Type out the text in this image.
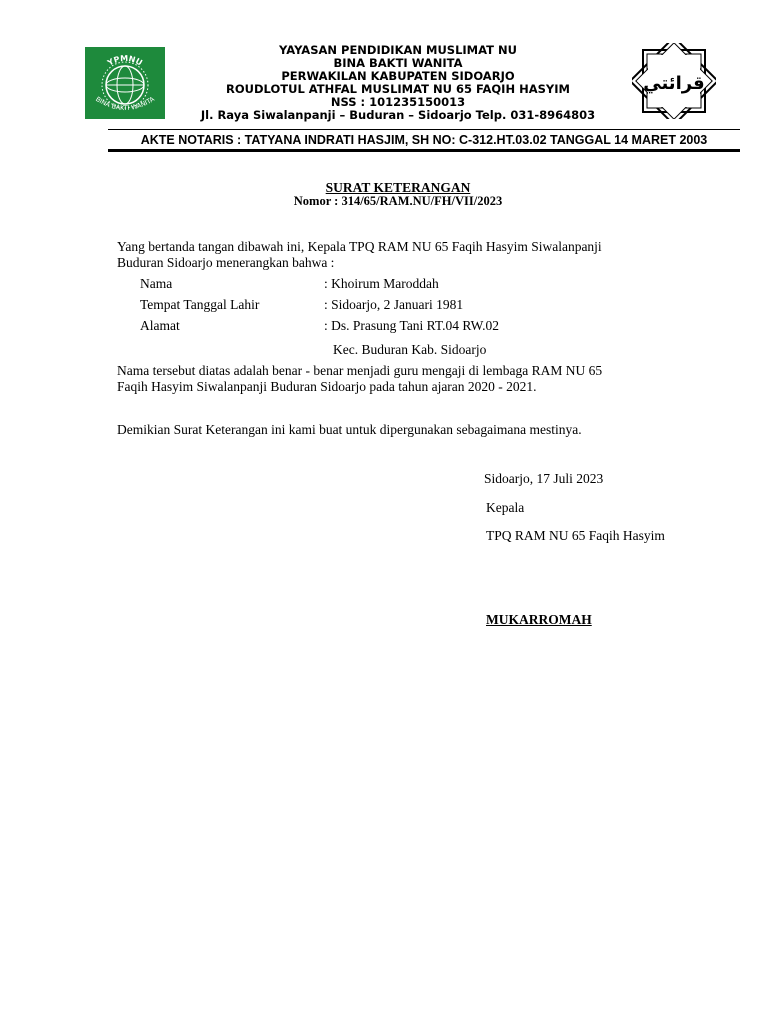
YPMNU
BINA BAKTI WANITA
YAYASAN PENDIDIKAN MUSLIMAT NU
BINA BAKTI WANITA
PERWAKILAN KABUPATEN SIDOARJO
ROUDLOTUL ATHFAL MUSLIMAT NU 65 FAQIH HASYIM
NSS : 101235150013
Jl. Raya Siwalanpanji – Buduran – Sidoarjo Telp. 031-8964803
قرائتي
AKTE NOTARIS : TATYANA INDRATI HASJIM, SH NO: C-312.HT.03.02 TANGGAL 14 MARET 2003
SURAT KETERANGAN
Nomor : 314/65/RAM.NU/FH/VII/2023
Yang bertanda tangan dibawah ini, Kepala TPQ RAM NU 65 Faqih Hasyim Siwalanpanji
Buduran Sidoarjo menerangkan bahwa :
Nama	: Khoirum Maroddah
Tempat Tanggal Lahir	: Sidoarjo, 2 Januari 1981
Alamat	: Ds. Prasung Tani RT.04 RW.02
Kec. Buduran Kab. Sidoarjo
Nama tersebut diatas adalah benar - benar menjadi guru mengaji di lembaga RAM NU 65
Faqih Hasyim Siwalanpanji Buduran Sidoarjo pada tahun ajaran 2020 - 2021.
Demikian Surat Keterangan ini kami buat untuk dipergunakan sebagaimana mestinya.
Sidoarjo, 17 Juli 2023
Kepala
TPQ RAM NU 65 Faqih Hasyim
MUKARROMAH
